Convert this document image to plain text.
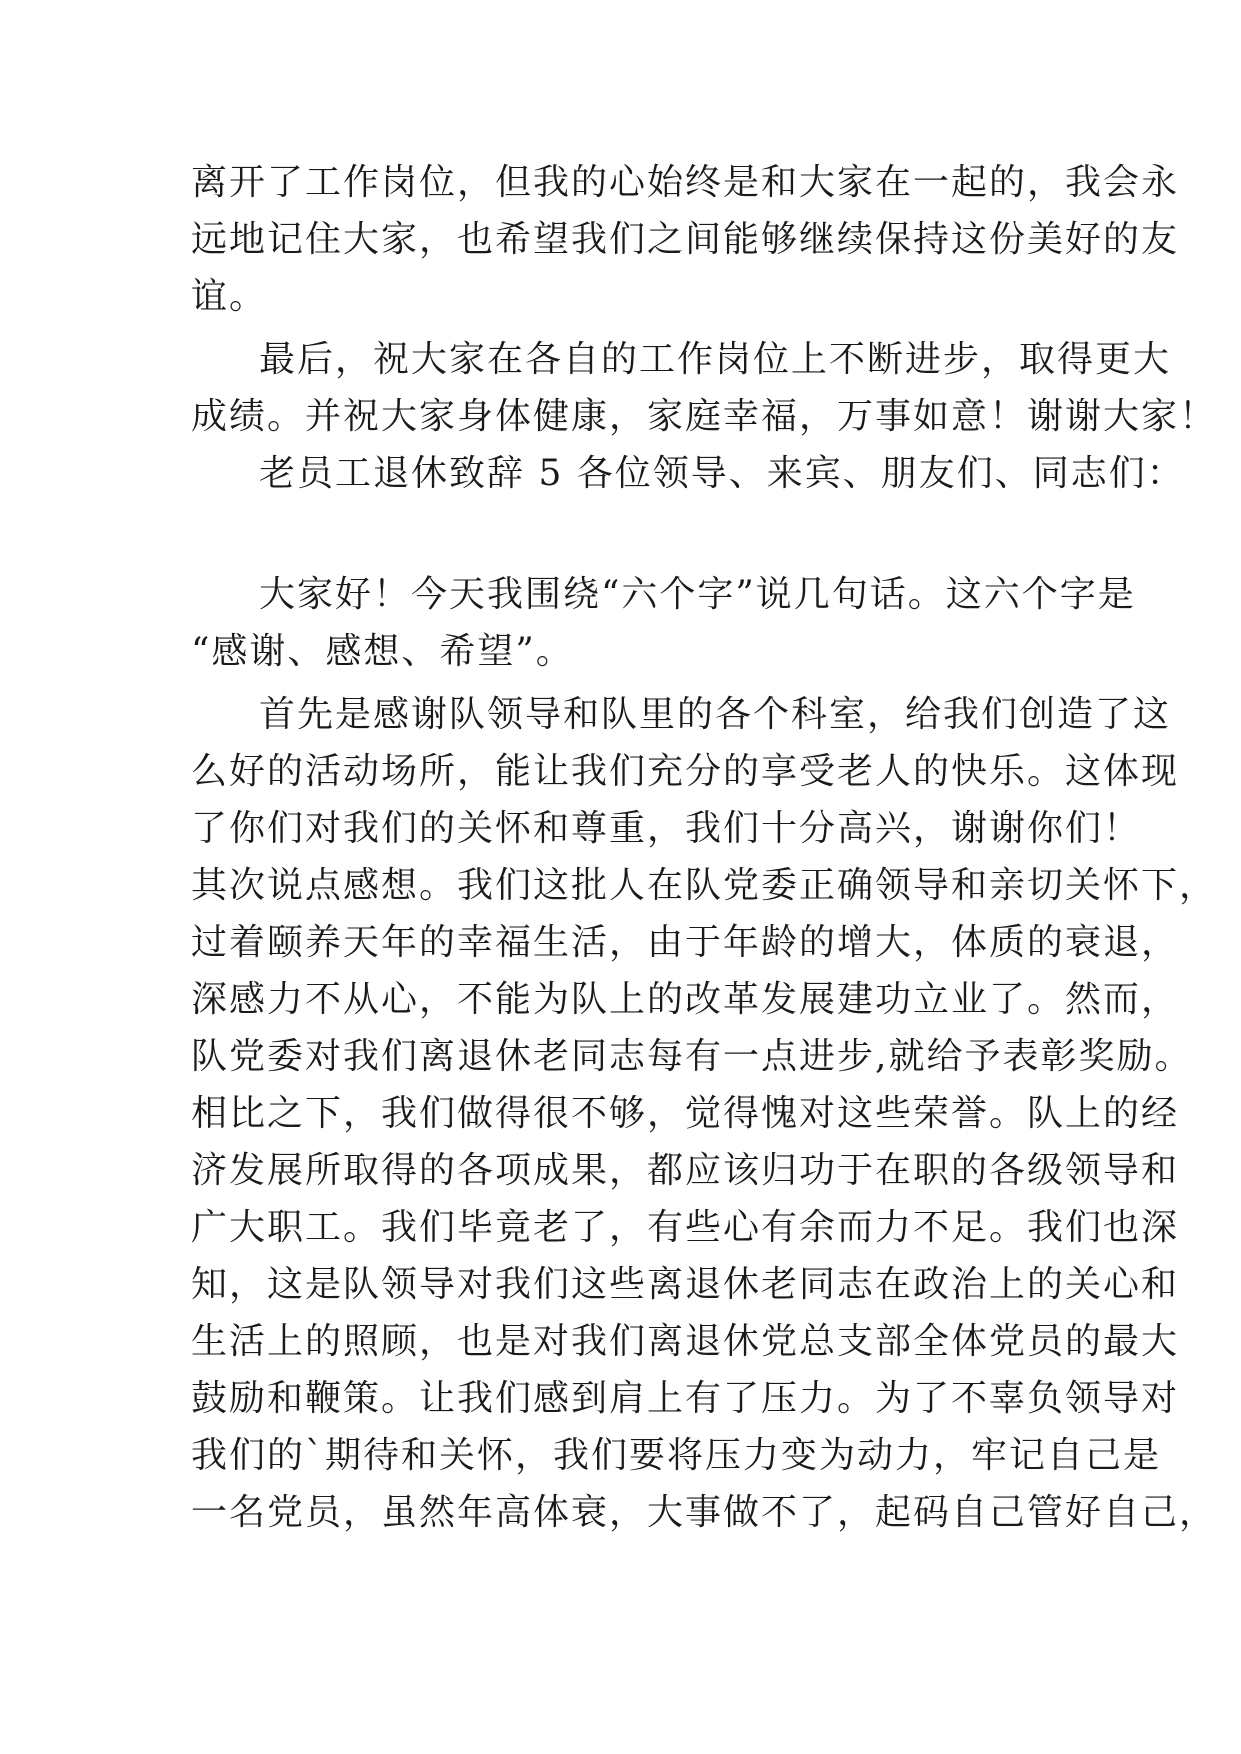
离开了工作岗位，但我的心始终是和大家在一起的，我会永
远地记住大家，也希望我们之间能够继续保持这份美好的友
谊。
最后，祝大家在各自的工作岗位上不断进步，取得更大
成绩。并祝大家身体健康，家庭幸福，万事如意！谢谢大家！
老员工退休致辞 5 各位领导、来宾、朋友们、同志们：
大家好！今天我围绕“六个字”说几句话。这六个字是
“感谢、感想、希望”。
首先是感谢队领导和队里的各个科室，给我们创造了这
么好的活动场所，能让我们充分的享受老人的快乐。这体现
了你们对我们的关怀和尊重，我们十分高兴，谢谢你们！
其次说点感想。我们这批人在队党委正确领导和亲切关怀下，
过着颐养天年的幸福生活，由于年龄的增大，体质的衰退，
深感力不从心，不能为队上的改革发展建功立业了。然而，
队党委对我们离退休老同志每有一点进步,就给予表彰奖励。
相比之下，我们做得很不够，觉得愧对这些荣誉。队上的经
济发展所取得的各项成果，都应该归功于在职的各级领导和
广大职工。我们毕竟老了，有些心有余而力不足。我们也深
知，这是队领导对我们这些离退休老同志在政治上的关心和
生活上的照顾，也是对我们离退休党总支部全体党员的最大
鼓励和鞭策。让我们感到肩上有了压力。为了不辜负领导对
我们的`期待和关怀，我们要将压力变为动力，牢记自己是
一名党员，虽然年高体衰，大事做不了，起码自己管好自己，
